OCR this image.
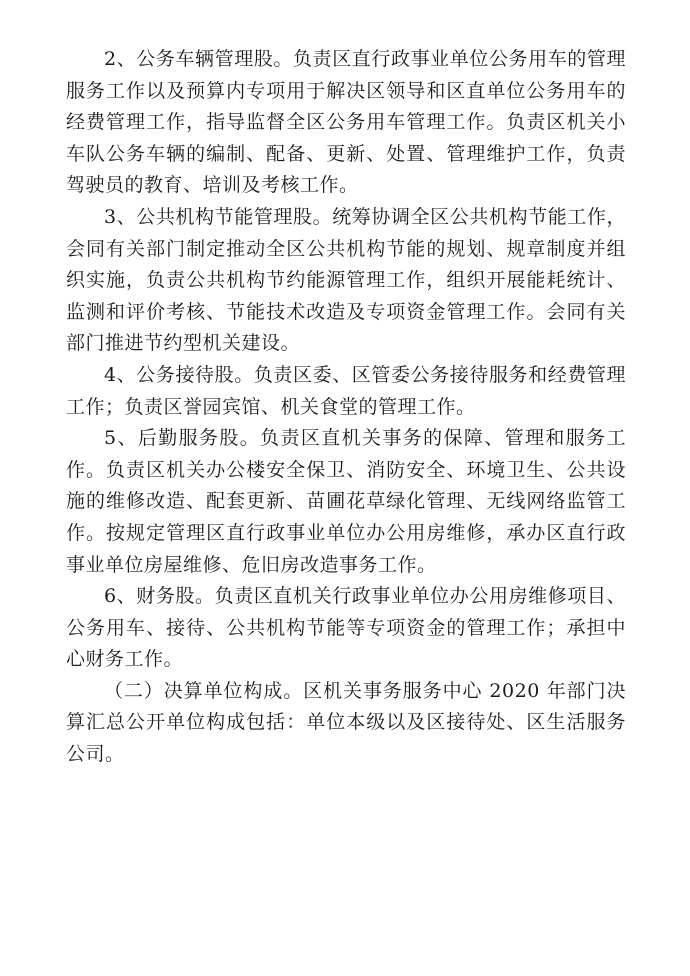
2、公务车辆管理股。负责区直行政事业单位公务用车的管理服务工作以及预算内专项用于解决区领导和区直单位公务用车的经费管理工作，指导监督全区公务用车管理工作。负责区机关小车队公务车辆的编制、配备、更新、处置、管理维护工作，负责驾驶员的教育、培训及考核工作。

3、公共机构节能管理股。统筹协调全区公共机构节能工作，会同有关部门制定推动全区公共机构节能的规划、规章制度并组织实施，负责公共机构节约能源管理工作，组织开展能耗统计、监测和评价考核、节能技术改造及专项资金管理工作。会同有关部门推进节约型机关建设。

4、公务接待股。负责区委、区管委公务接待服务和经费管理工作；负责区誉园宾馆、机关食堂的管理工作。

5、后勤服务股。负责区直机关事务的保障、管理和服务工作。负责区机关办公楼安全保卫、消防安全、环境卫生、公共设施的维修改造、配套更新、苗圃花草绿化管理、无线网络监管工作。按规定管理区直行政事业单位办公用房维修，承办区直行政事业单位房屋维修、危旧房改造事务工作。

6、财务股。负责区直机关行政事业单位办公用房维修项目、公务用车、接待、公共机构节能等专项资金的管理工作；承担中心财务工作。

（二）决算单位构成。区机关事务服务中心 2020 年部门决算汇总公开单位构成包括：单位本级以及区接待处、区生活服务公司。
